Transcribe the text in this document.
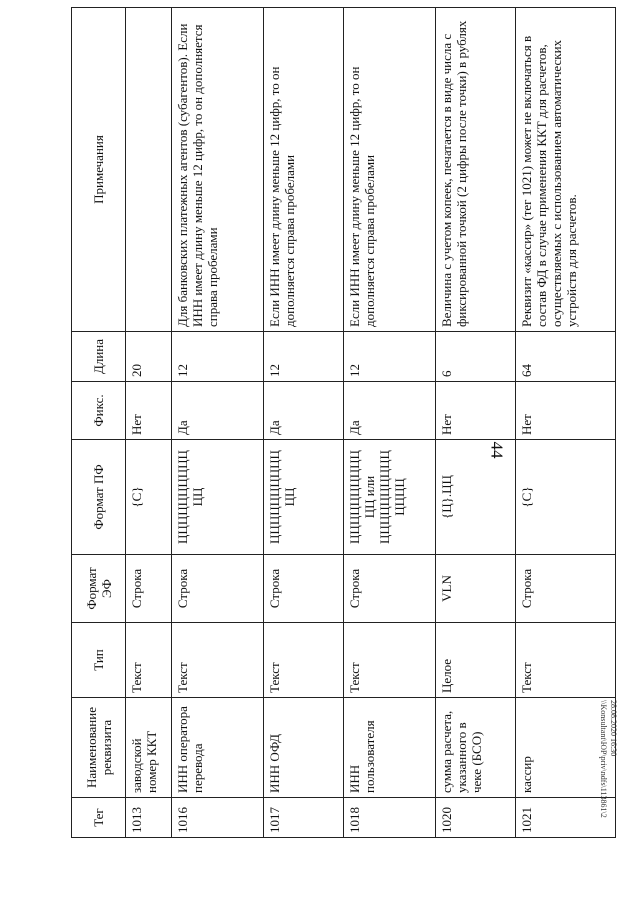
44
Тег	Наименование реквизита	Тип	Формат ЭФ	Формат ПФ	Фикс.	Длина	Примечания
1013	заводской номер ККТ	Текст	Строка	{С}	Нет	20	
1016	ИНН оператора перевода	Текст	Строка	ЦЦЦЦЦЦЦЦЦЦ ЦЦ	Да	12	Для банковских платежных агентов (субагентов). Если ИНН имеет длину меньше 12 цифр, то он дополняется справа пробелами
1017	ИНН ОФД	Текст	Строка	ЦЦЦЦЦЦЦЦЦЦ ЦЦ	Да	12	Если ИНН имеет длину меньше 12 цифр, то он дополняется справа пробелами
1018	ИНН пользователя	Текст	Строка	ЦЦЦЦЦЦЦЦЦЦ ЦЦ или ЦЦЦЦЦЦЦЦЦЦ ЦЦЦЦ	Да	12	Если ИНН имеет длину меньше 12 цифр, то он дополняется справа пробелами
1020	сумма расчета, указанного в чеке (БСО)	Целое	VLN	{Ц}.ЦЦ	Нет	6	Величина с учетом копеек, печатается в виде числа с фиксированной точкой (2 цифры после точки) в рублях
1021	кассир	Текст	Строка	{С}	Нет	64	Реквизит «кассир» (тег 1021) может не включаться в состав ФД в случае применения ККТ для расчетов, осуществляемых с использованием автоматических устройств для расчетов.
28.08.2020 16:30
\\Konsultant\ЮР\priv\ndfs\113861\2
